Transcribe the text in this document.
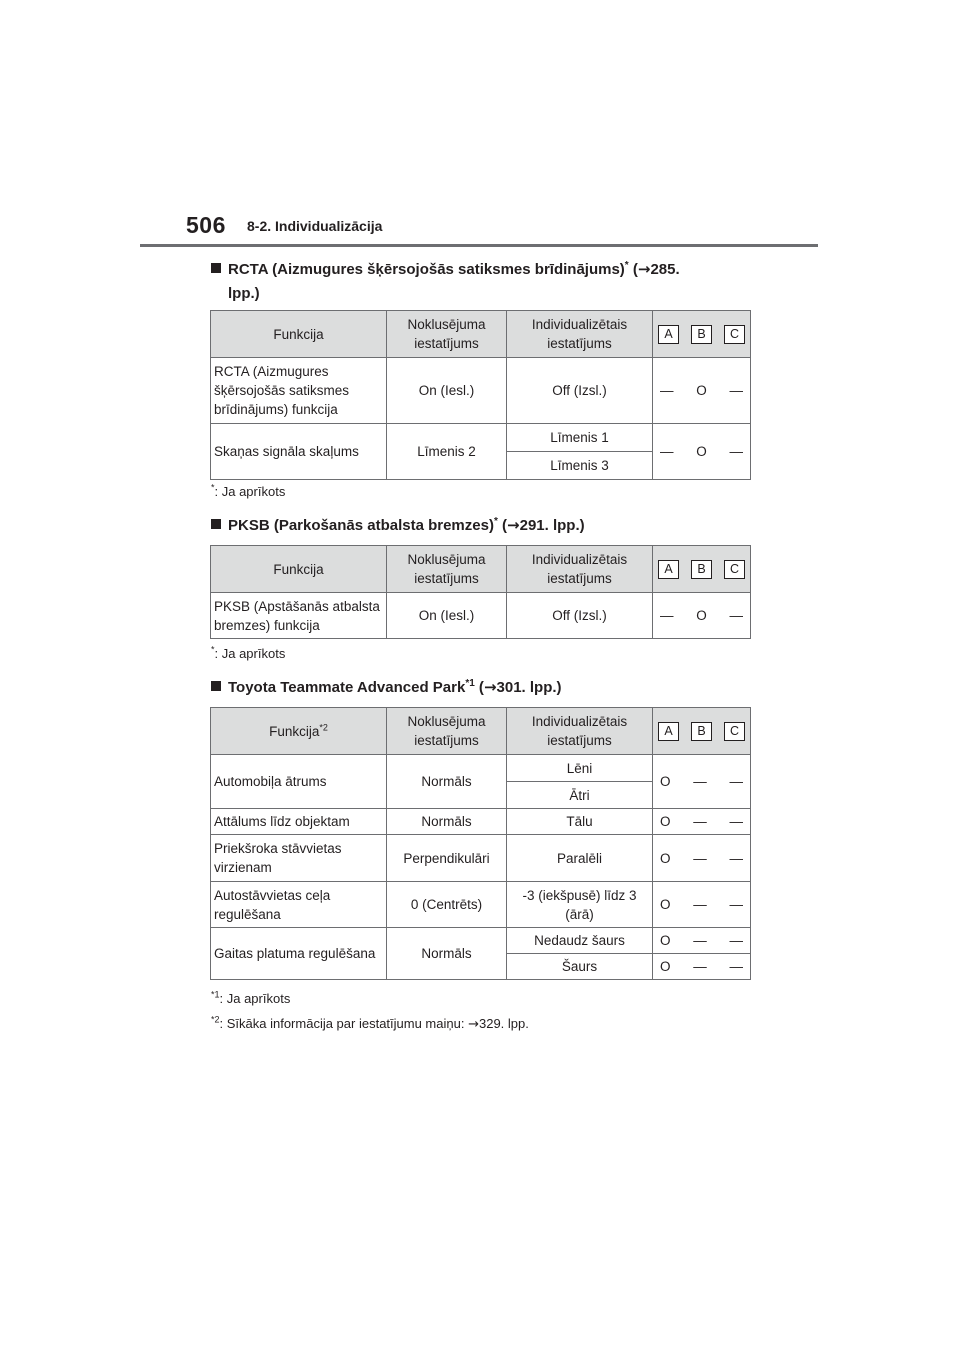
506 8-2. Individualizācija
RCTA (Aizmugures šķērsojošās satiksmes brīdinājums)* (→285.
lpp.)
Funkcija	Noklusējuma iestatījums	Individualizētais iestatījums	A B C

RCTA (Aizmugures šķērsojošās satiksmes brīdinājums) funkcija	On (Iesl.)	Off (Izsl.)	— O —

Skaņas signāla skaļums	Līmenis 2	Līmenis 1	— O —

		Līmenis 3	
*: Ja aprīkots
PKSB (Parkošanās atbalsta bremzes)* (→291. lpp.)
Funkcija	Noklusējuma iestatījums	Individualizētais iestatījums	A B C

PKSB (Apstāšanās atbalsta bremzes) funkcija	On (Iesl.)	Off (Izsl.)	— O —
*: Ja aprīkots
Toyota Teammate Advanced Park$^{*1}$ (→301. lpp.)
Funkcija$^{*2}$	Noklusējuma iestatījums	Individualizētais iestatījums	A B C

Automobiļa ātrums	Normāls	Lēni	O — —

		Ātri	
Attālums līdz objektam	Normāls	Tālu	O — —

Priekšroka stāvvietas virzienam	Perpendikulāri	Paralēli	O — —

Autostāvvietas ceļa regulēšana	0 (Centrēts)	-3 (iekšpusē) līdz 3 (ārā)	O — —

Gaitas platuma regulēšana	Normāls	Nedaudz šaurs	O — —

		Šaurs	O — —
$^{*1}$: Ja aprīkots
$^{*2}$: Sīkāka informācija par iestatījumu maiņu: →329. lpp.
